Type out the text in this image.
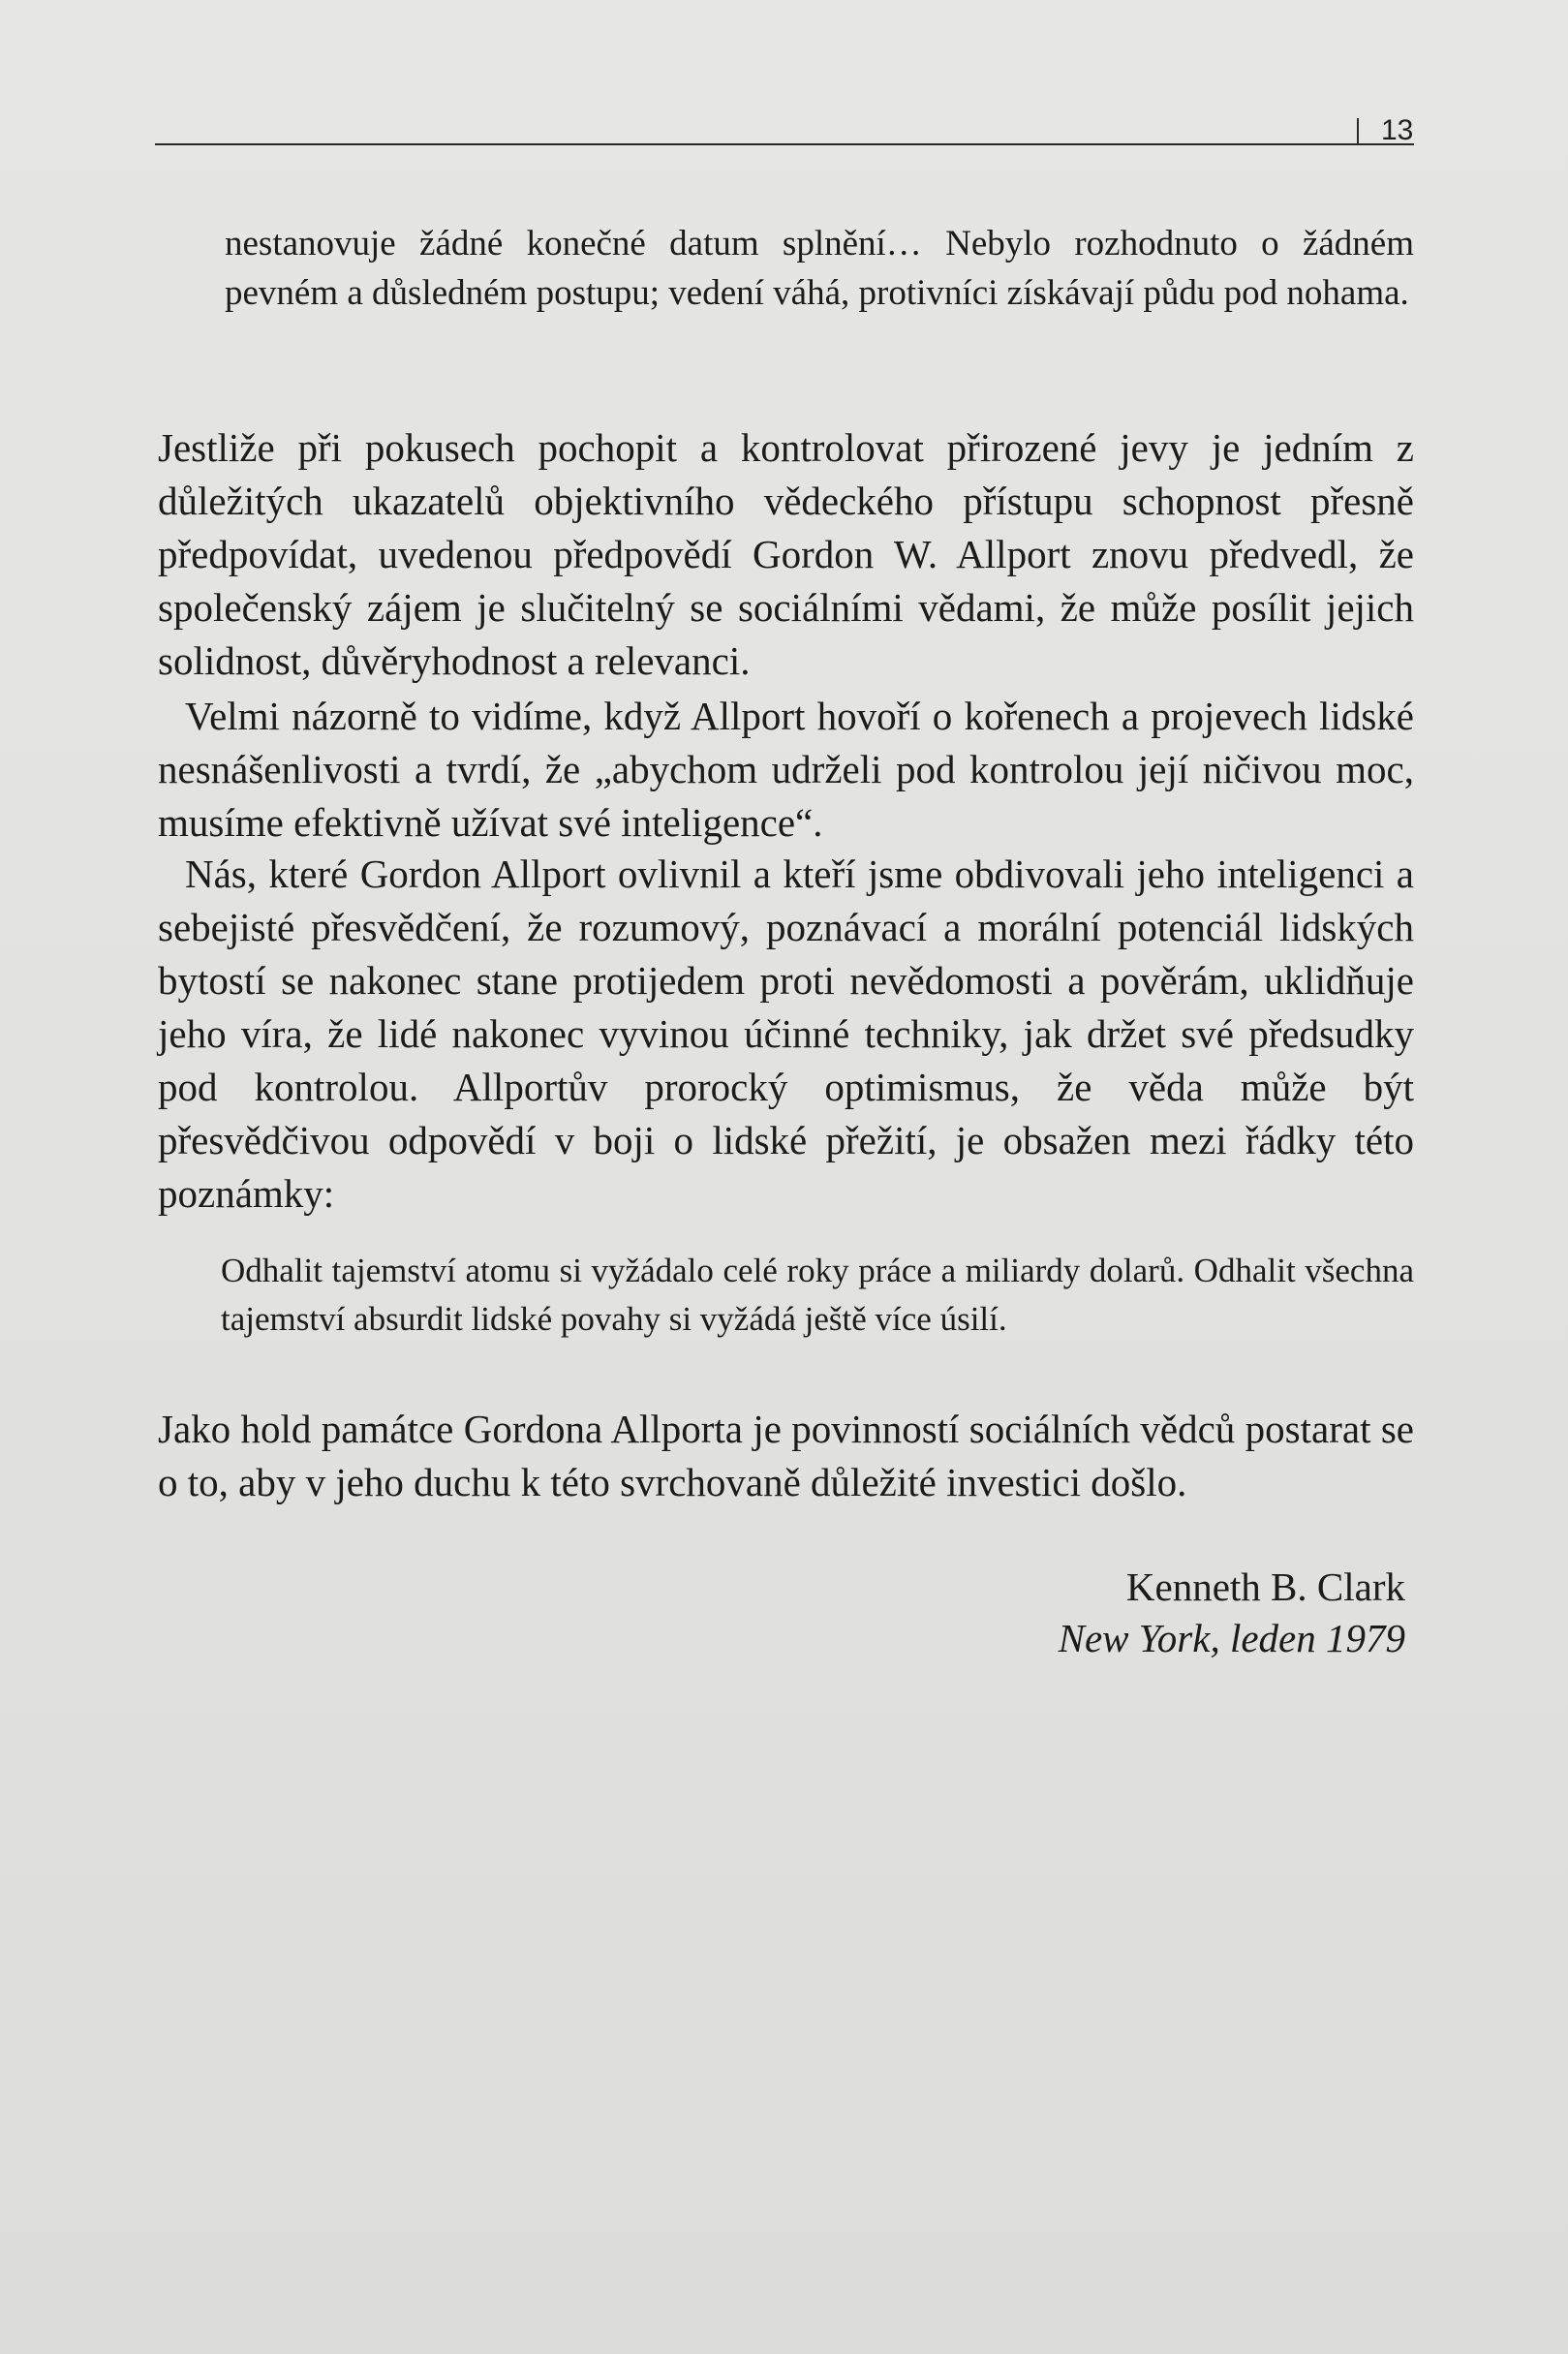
13
nestanovuje žádné konečné datum splnění… Nebylo rozhodnuto o žádném pevném a důsledném postupu; vedení váhá, protivníci získávají půdu pod nohama.
Jestliže při pokusech pochopit a kontrolovat přirozené jevy je jedním z důležitých ukazatelů objektivního vědeckého přístupu schopnost přesně předpovídat, uvedenou předpovědí Gordon W. Allport znovu předvedl, že společenský zájem je slučitelný se sociálními vědami, že může posílit jejich solidnost, důvěryhodnost a relevanci.
Velmi názorně to vidíme, když Allport hovoří o kořenech a projevech lidské nesnášenlivosti a tvrdí, že „abychom udrželi pod kontrolou její ničivou moc, musíme efektivně užívat své inteligence“.
Nás, které Gordon Allport ovlivnil a kteří jsme obdivovali jeho inteligenci a sebejisté přesvědčení, že rozumový, poznávací a morální potenciál lidských bytostí se nakonec stane protijedem proti nevědomosti a pověrám, uklidňuje jeho víra, že lidé nakonec vyvinou účinné techniky, jak držet své předsudky pod kontrolou. Allportův prorocký optimismus, že věda může být přesvědčivou odpovědí v boji o lidské přežití, je obsažen mezi řádky této poznámky:
Odhalit tajemství atomu si vyžádalo celé roky práce a miliardy dolarů. Odhalit všechna tajemství absurdit lidské povahy si vyžádá ještě více úsilí.
Jako hold památce Gordona Allporta je povinností sociálních vědců postarat se o to, aby v jeho duchu k této svrchovaně důležité investici došlo.
Kenneth B. Clark
New York, leden 1979
